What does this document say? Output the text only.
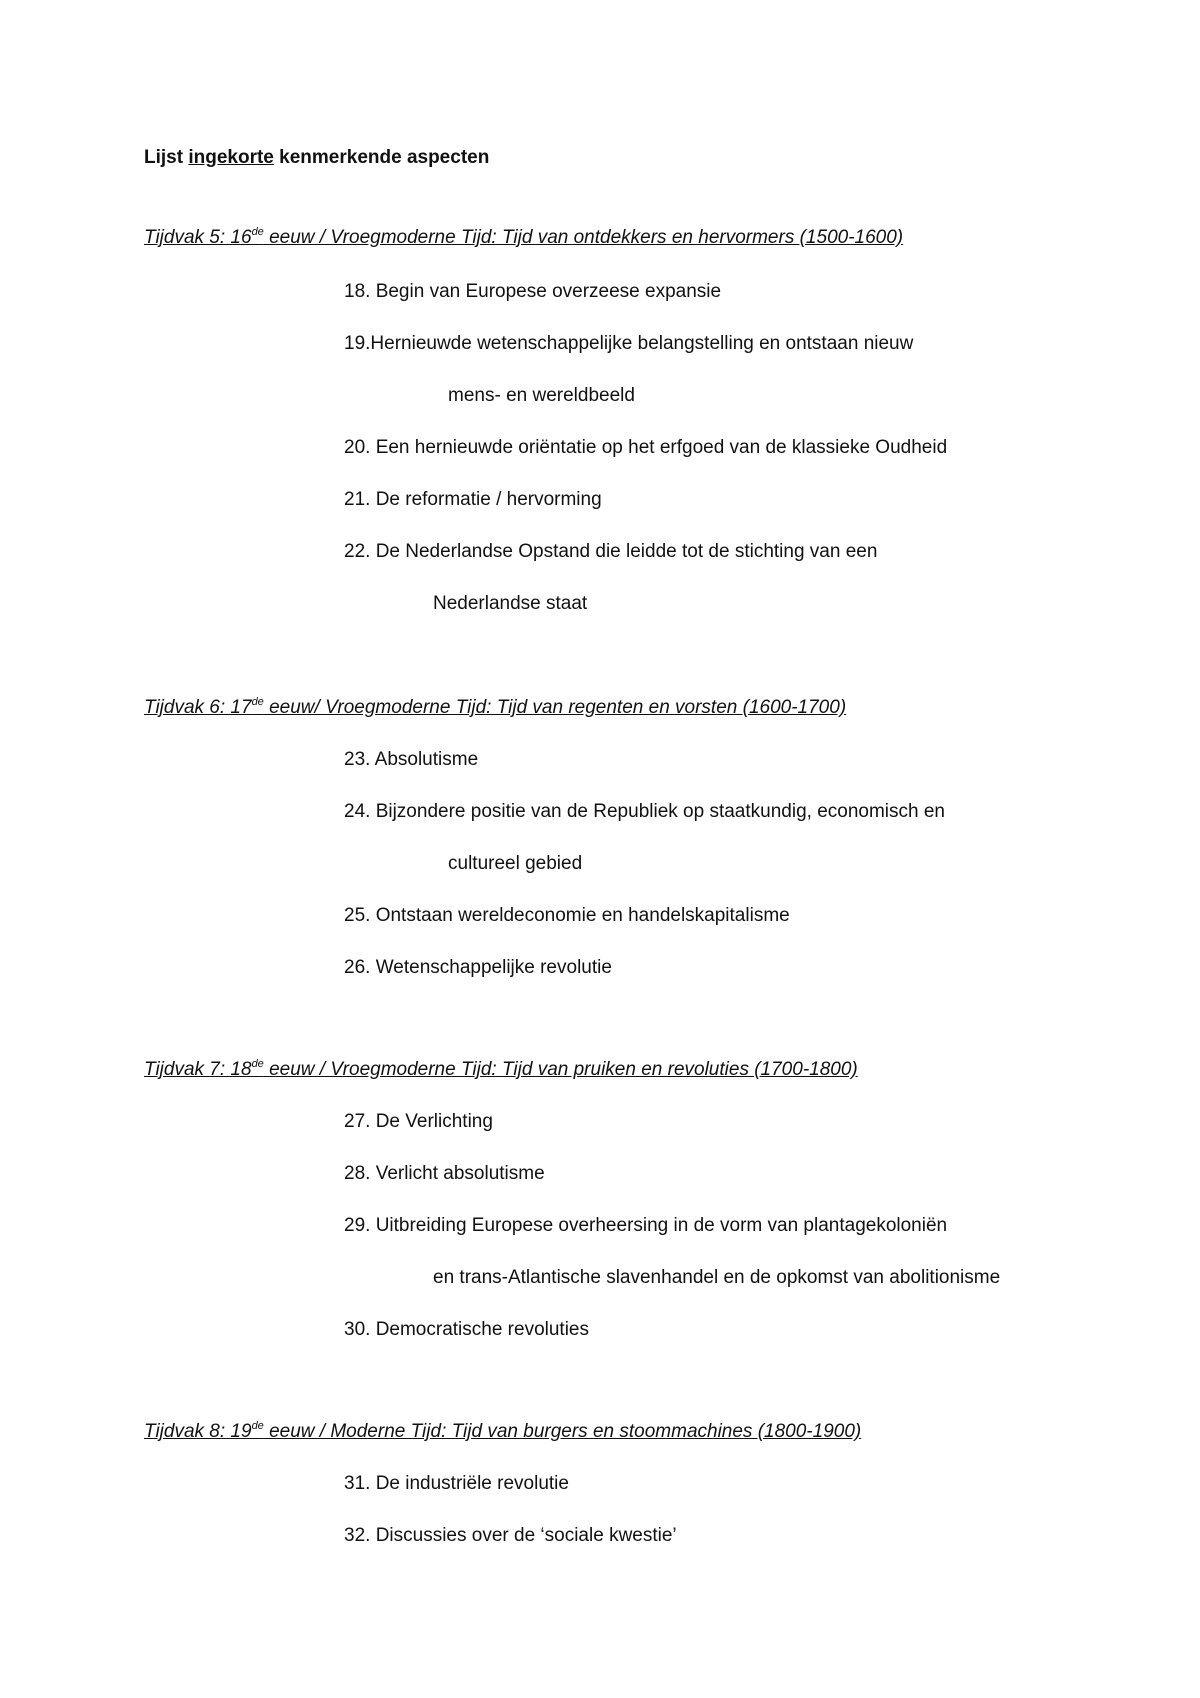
Lijst ingekorte kenmerkende aspecten
Tijdvak 5: 16de eeuw / Vroegmoderne Tijd: Tijd van ontdekkers en hervormers (1500-1600)
18. Begin van Europese overzeese expansie
19.Hernieuwde wetenschappelijke belangstelling en ontstaan nieuw
mens- en wereldbeeld
20. Een hernieuwde oriëntatie op het erfgoed van de klassieke Oudheid
21. De reformatie / hervorming
22. De Nederlandse Opstand die leidde tot de stichting van een
Nederlandse staat
Tijdvak 6: 17de eeuw/ Vroegmoderne Tijd: Tijd van regenten en vorsten (1600-1700)
23. Absolutisme
24. Bijzondere positie van de Republiek op staatkundig, economisch en
cultureel gebied
25. Ontstaan wereldeconomie en handelskapitalisme
26. Wetenschappelijke revolutie
Tijdvak 7: 18de eeuw / Vroegmoderne Tijd: Tijd van pruiken en revoluties (1700-1800)
27. De Verlichting
28. Verlicht absolutisme
29. Uitbreiding Europese overheersing in de vorm van plantagekoloniën
en trans-Atlantische slavenhandel en de opkomst van abolitionisme
30. Democratische revoluties
Tijdvak 8: 19de eeuw / Moderne Tijd: Tijd van burgers en stoommachines (1800-1900)
31. De industriële revolutie
32. Discussies over de ‘sociale kwestie’
